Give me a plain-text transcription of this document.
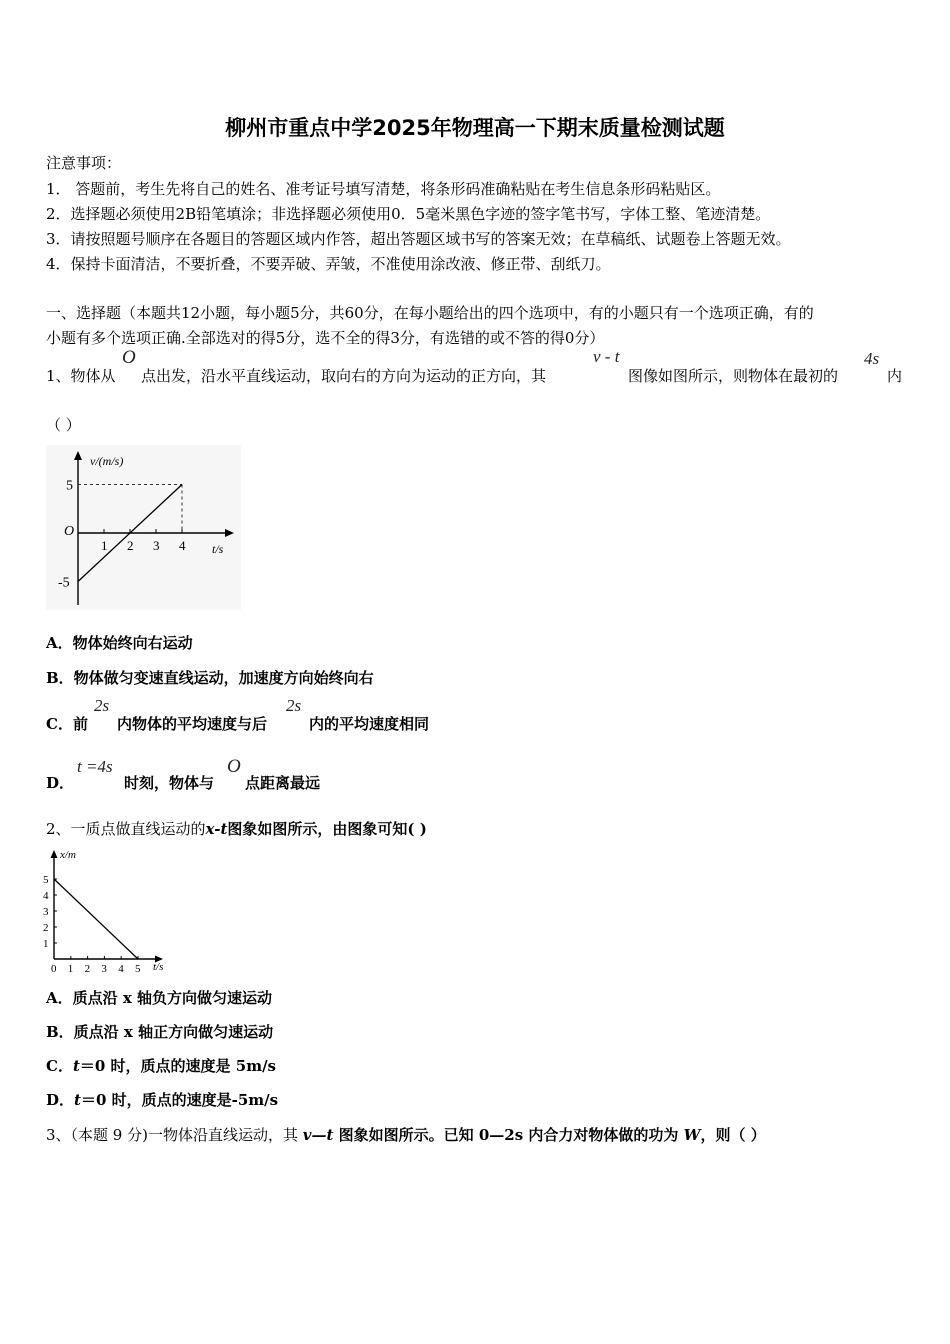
柳州市重点中学2025年物理高一下期末质量检测试题
注意事项：
1． 答题前，考生先将自己的姓名、准考证号填写清楚，将条形码准确粘贴在考生信息条形码粘贴区。
2．选择题必须使用2B铅笔填涂；非选择题必须使用0．5毫米黑色字迹的签字笔书写，字体工整、笔迹清楚。
3．请按照题号顺序在各题目的答题区域内作答，超出答题区域书写的答案无效；在草稿纸、试题卷上答题无效。
4．保持卡面清洁，不要折叠，不要弄破、弄皱，不准使用涂改液、修正带、刮纸刀。
一、选择题（本题共12小题，每小题5分，共60分，在每小题给出的四个选项中，有的小题只有一个选项正确，有的
小题有多个选项正确.全部选对的得5分，选不全的得3分，有选错的或不答的得0分）
1、物体从
O
点出发，沿水平直线运动，取向右的方向为运动的正方向，其
v - t
图像如图所示，则物体在最初的
4s
内
（ ）
1 2 3 4
5
O
-5
v/(m/s)
t/s
A．物体始终向右运动
B．物体做匀变速直线运动，加速度方向始终向右
C．前
2s
内物体的平均速度与后
2s
内的平均速度相同
D．
t =4s
时刻，物体与
O
点距离最远
2、一质点做直线运动的x-t图象如图所示，由图象可知( )
0 1 2 3 4 5
1
2
3
4
5
x/m
t/s
A．质点沿 x 轴负方向做匀速运动
B．质点沿 x 轴正方向做匀速运动
C．t＝0 时，质点的速度是 5m/s
D．t＝0 时，质点的速度是-5m/s
3、（本题 9 分)一物体沿直线运动，其 v—t 图象如图所示。已知 0—2s 内合力对物体做的功为 W，则（ ）
